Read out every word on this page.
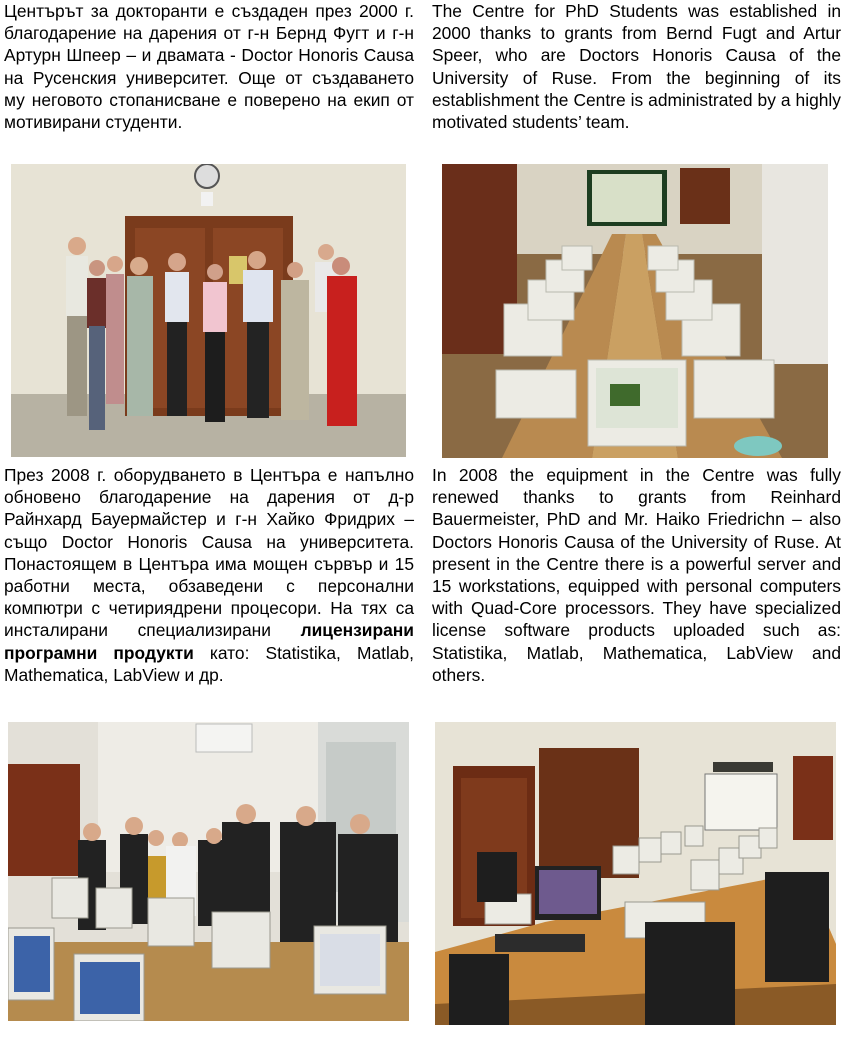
Центърът за докторанти е създаден през 2000 г. благодарение на дарения от г-н Бернд Фугт и г-н Артурн Шпеер – и двамата - Doctor Honoris Causa на Русенския университет. Още от създаването му неговото стопанисване е поверено на екип от мотивирани студенти.

The Centre for PhD Students was established in 2000 thanks to grants from Bernd Fugt and Artur Speer, who are Doctors Honoris Causa of the University of Ruse. From the beginning of its establishment the Centre is administrated by a highly motivated students’ team.

През 2008 г. оборудването в Центъра е напълно обновено благодарение на дарения от д-р Райнхард Бауермайстер и г-н Хайко Фридрих – също Doctor Honoris Causa на университета. Понастоящем в Центъра има мощен сървър и 15 работни места, обзаведени с персонални компютри с четириядрени процесори. На тях са инсталирани специализирани лицензирани програмни продукти като: Statistika, Matlab, Mathematica, LabView и др.

In 2008 the equipment in the Centre was fully renewed thanks to grants from Reinhard Bauermeister, PhD and Mr. Haiko Friedrichn – also Doctors Honoris Causa of the University of Ruse. At present in the Centre there is a powerful server and 15 workstations, equipped with personal computers with Quad-Core processors. They have specialized license software products uploaded such as: Statistika, Matlab, Mathematica, LabView and others.
